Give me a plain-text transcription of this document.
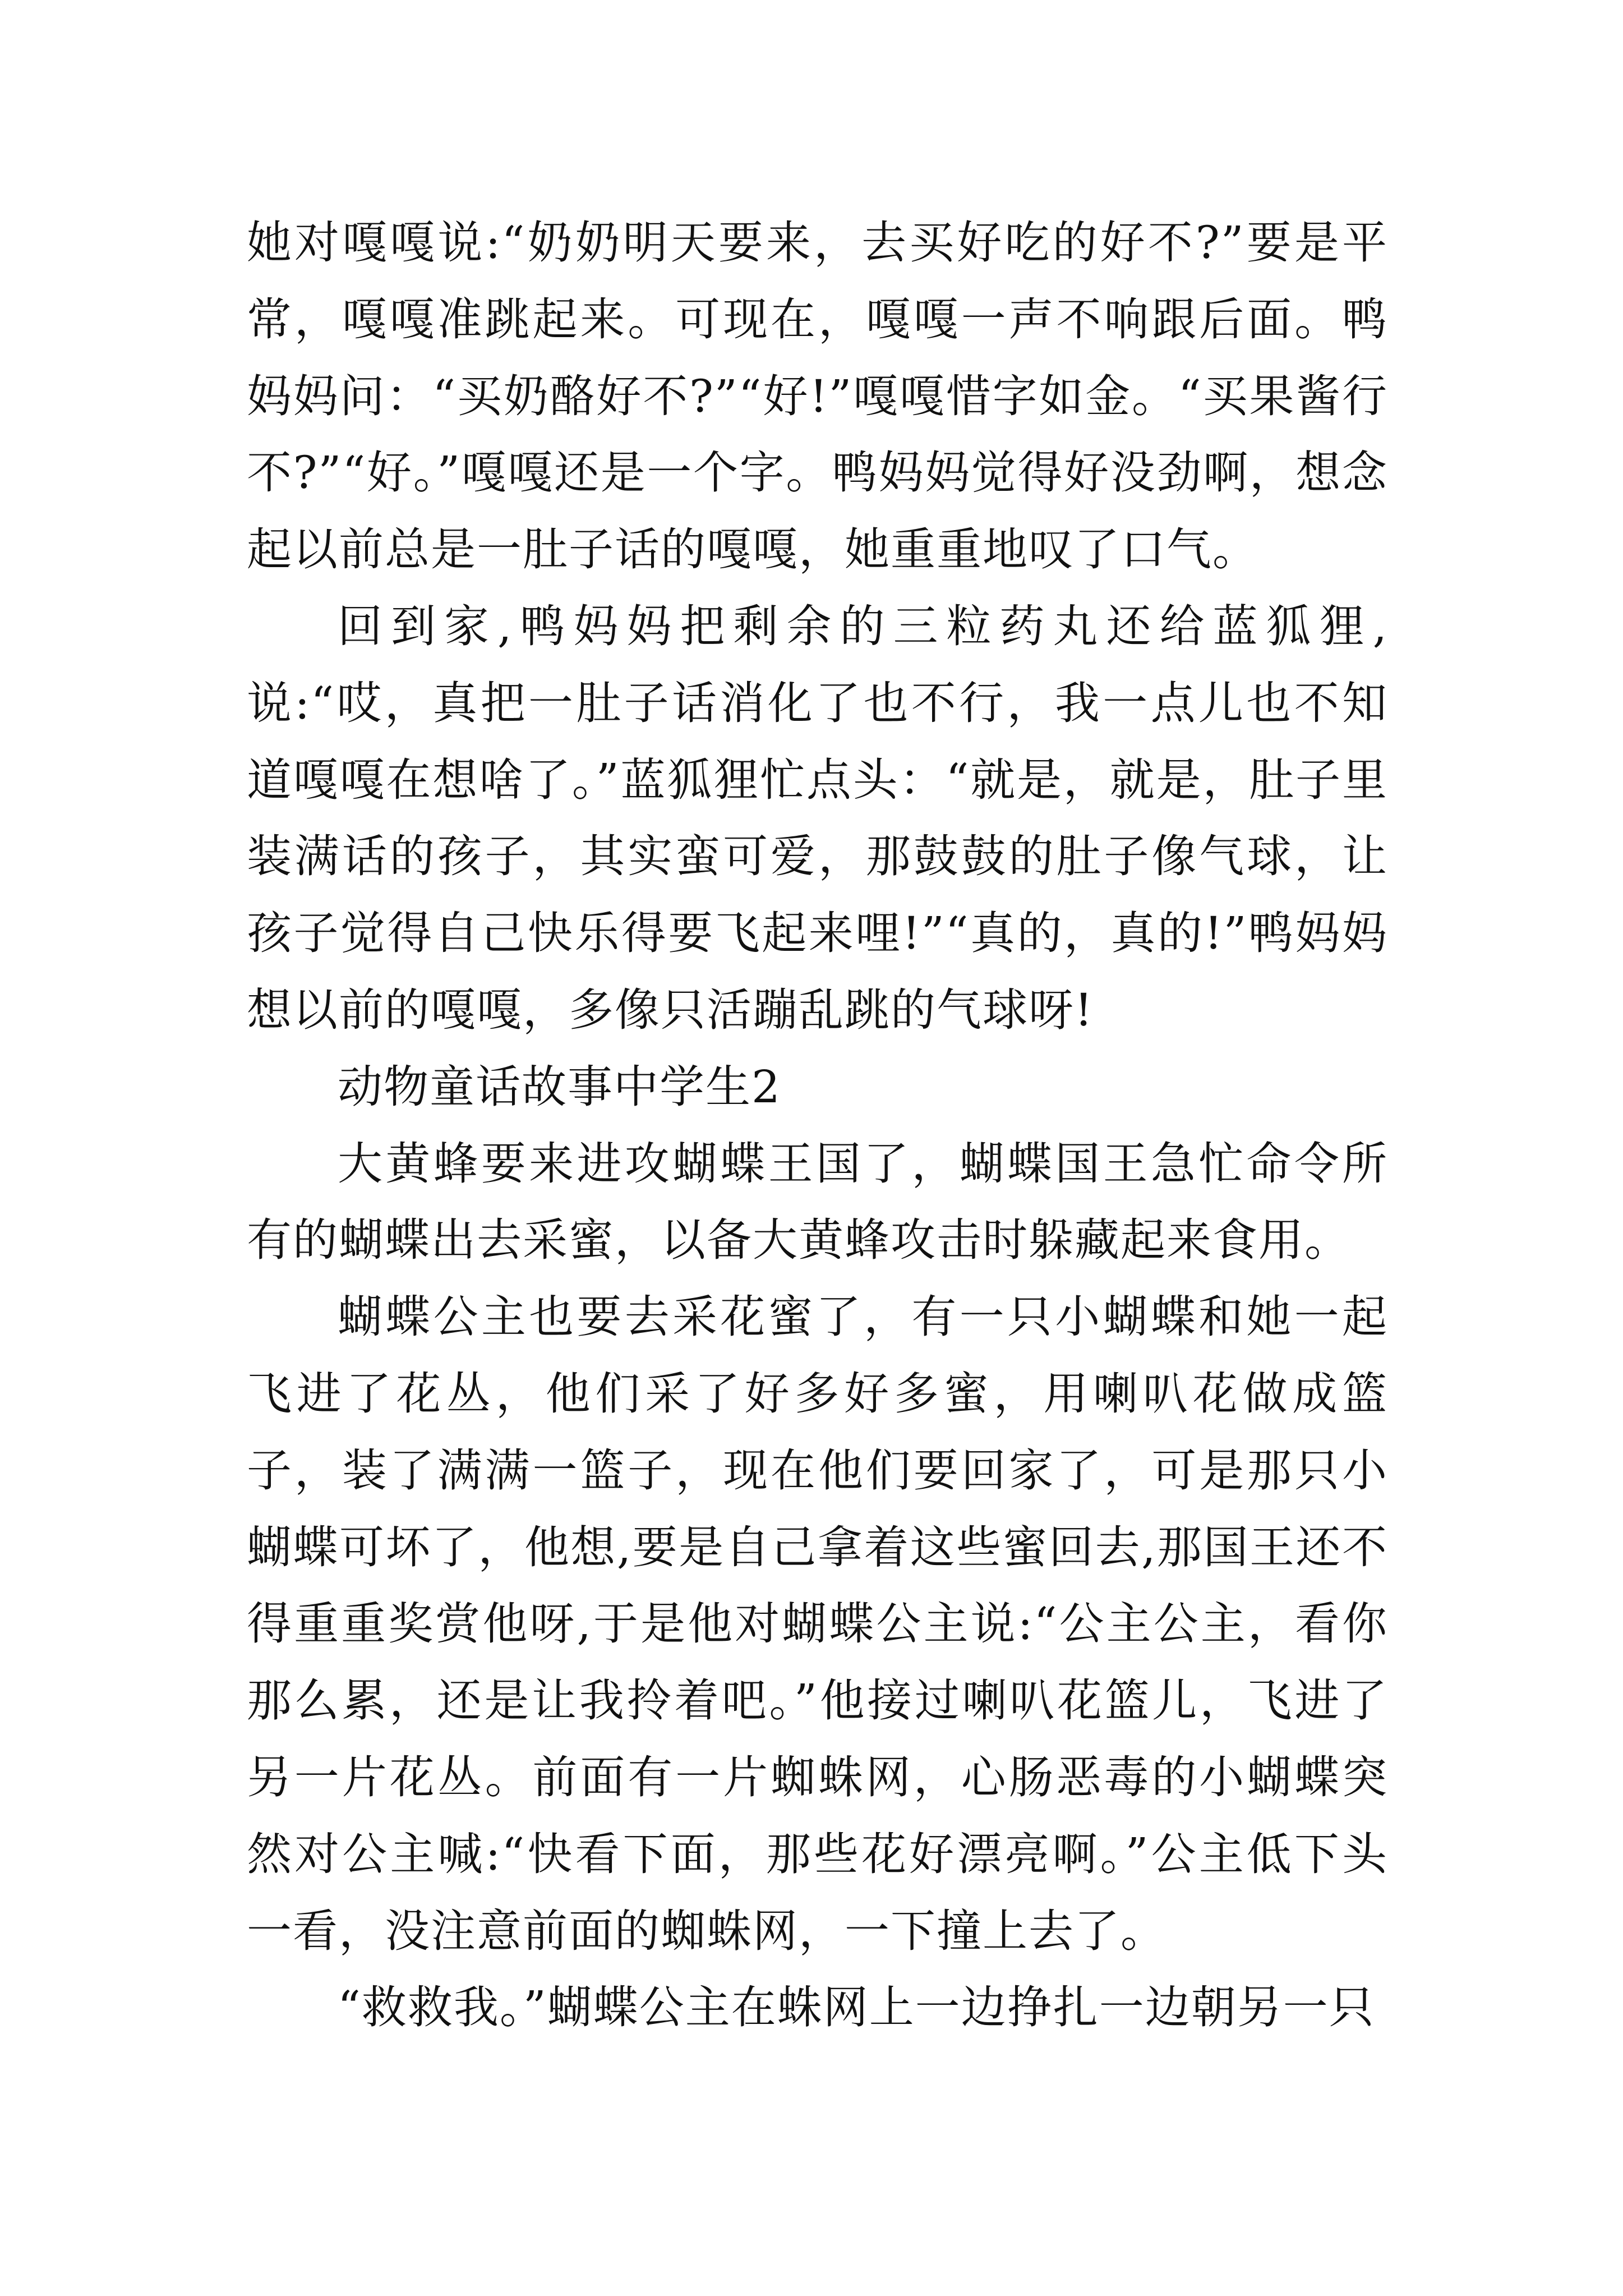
她对嘎嘎说:“奶奶明天要来，去买好吃的好不?”要是平常，嘎嘎准跳起来。可现在，嘎嘎一声不响跟后面。鸭妈妈问：“买奶酪好不?”“好!”嘎嘎惜字如金。“买果酱行不?”“好。”嘎嘎还是一个字。鸭妈妈觉得好没劲啊，想念起以前总是一肚子话的嘎嘎，她重重地叹了口气。

回到家,鸭妈妈把剩余的三粒药丸还给蓝狐狸,说:“哎，真把一肚子话消化了也不行，我一点儿也不知道嘎嘎在想啥了。”蓝狐狸忙点头：“就是，就是，肚子里装满话的孩子，其实蛮可爱，那鼓鼓的肚子像气球，让孩子觉得自己快乐得要飞起来哩!”“真的，真的!”鸭妈妈想以前的嘎嘎，多像只活蹦乱跳的气球呀!

动物童话故事中学生2

大黄蜂要来进攻蝴蝶王国了，蝴蝶国王急忙命令所有的蝴蝶出去采蜜，以备大黄蜂攻击时躲藏起来食用。

蝴蝶公主也要去采花蜜了，有一只小蝴蝶和她一起飞进了花丛，他们采了好多好多蜜，用喇叭花做成篮子，装了满满一篮子，现在他们要回家了，可是那只小蝴蝶可坏了，他想,要是自己拿着这些蜜回去,那国王还不得重重奖赏他呀,于是他对蝴蝶公主说:“公主公主，看你那么累，还是让我拎着吧。”他接过喇叭花篮儿，飞进了另一片花丛。前面有一片蜘蛛网，心肠恶毒的小蝴蝶突然对公主喊:“快看下面，那些花好漂亮啊。”公主低下头一看，没注意前面的蜘蛛网，一下撞上去了。

“救救我。”蝴蝶公主在蛛网上一边挣扎一边朝另一只
